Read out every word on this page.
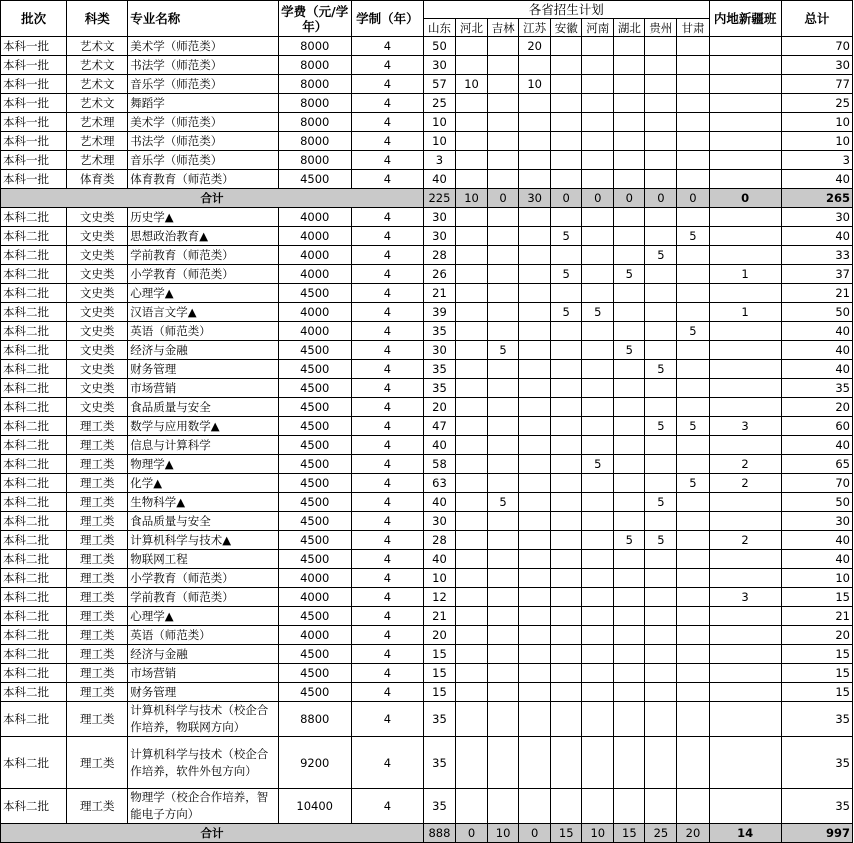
批次	科类	专业名称	学费（元/学年）	学制（年）	各省招生计划									内地新疆班	总计
					山东	河北	吉林	江苏	安徽	河南	湖北	贵州	甘肃		
本科一批	艺术文	美术学（师范类）	8000	4	50			20							70
本科一批	艺术文	书法学（师范类）	8000	4	30										30
本科一批	艺术文	音乐学（师范类）	8000	4	57	10		10							77
本科一批	艺术文	舞蹈学	8000	4	25										25
本科一批	艺术理	美术学（师范类）	8000	4	10										10
本科一批	艺术理	书法学（师范类）	8000	4	10										10
本科一批	艺术理	音乐学（师范类）	8000	4	3										3
本科一批	体育类	体育教育（师范类）	4500	4	40										40
合计					225	10	0	30	0	0	0	0	0	0	265
本科二批	文史类	历史学▲	4000	4	30										30
本科二批	文史类	思想政治教育▲	4000	4	30				5				5		40
本科二批	文史类	学前教育（师范类）	4000	4	28							5			33
本科二批	文史类	小学教育（师范类）	4000	4	26				5		5			1	37
本科二批	文史类	心理学▲	4500	4	21										21
本科二批	文史类	汉语言文学▲	4000	4	39				5	5				1	50
本科二批	文史类	英语（师范类）	4000	4	35								5		40
本科二批	文史类	经济与金融	4500	4	30		5				5				40
本科二批	文史类	财务管理	4500	4	35							5			40
本科二批	文史类	市场营销	4500	4	35										35
本科二批	文史类	食品质量与安全	4500	4	20										20
本科二批	理工类	数学与应用数学▲	4500	4	47							5	5	3	60
本科二批	理工类	信息与计算科学	4500	4	40										40
本科二批	理工类	物理学▲	4500	4	58					5				2	65
本科二批	理工类	化学▲	4500	4	63								5	2	70
本科二批	理工类	生物科学▲	4500	4	40		5					5			50
本科二批	理工类	食品质量与安全	4500	4	30										30
本科二批	理工类	计算机科学与技术▲	4500	4	28						5	5		2	40
本科二批	理工类	物联网工程	4500	4	40										40
本科二批	理工类	小学教育（师范类）	4000	4	10										10
本科二批	理工类	学前教育（师范类）	4000	4	12									3	15
本科二批	理工类	心理学▲	4500	4	21										21
本科二批	理工类	英语（师范类）	4000	4	20										20
本科二批	理工类	经济与金融	4500	4	15										15
本科二批	理工类	市场营销	4500	4	15										15
本科二批	理工类	财务管理	4500	4	15										15
本科二批	理工类	计算机科学与技术（校企合作培养，物联网方向）	8800	4	35										35
本科二批	理工类	计算机科学与技术（校企合作培养，软件外包方向）	9200	4	35										35
本科二批	理工类	物理学（校企合作培养，智能电子方向）	10400	4	35										35
合计					888	0	10	0	15	10	15	25	20	14	997
